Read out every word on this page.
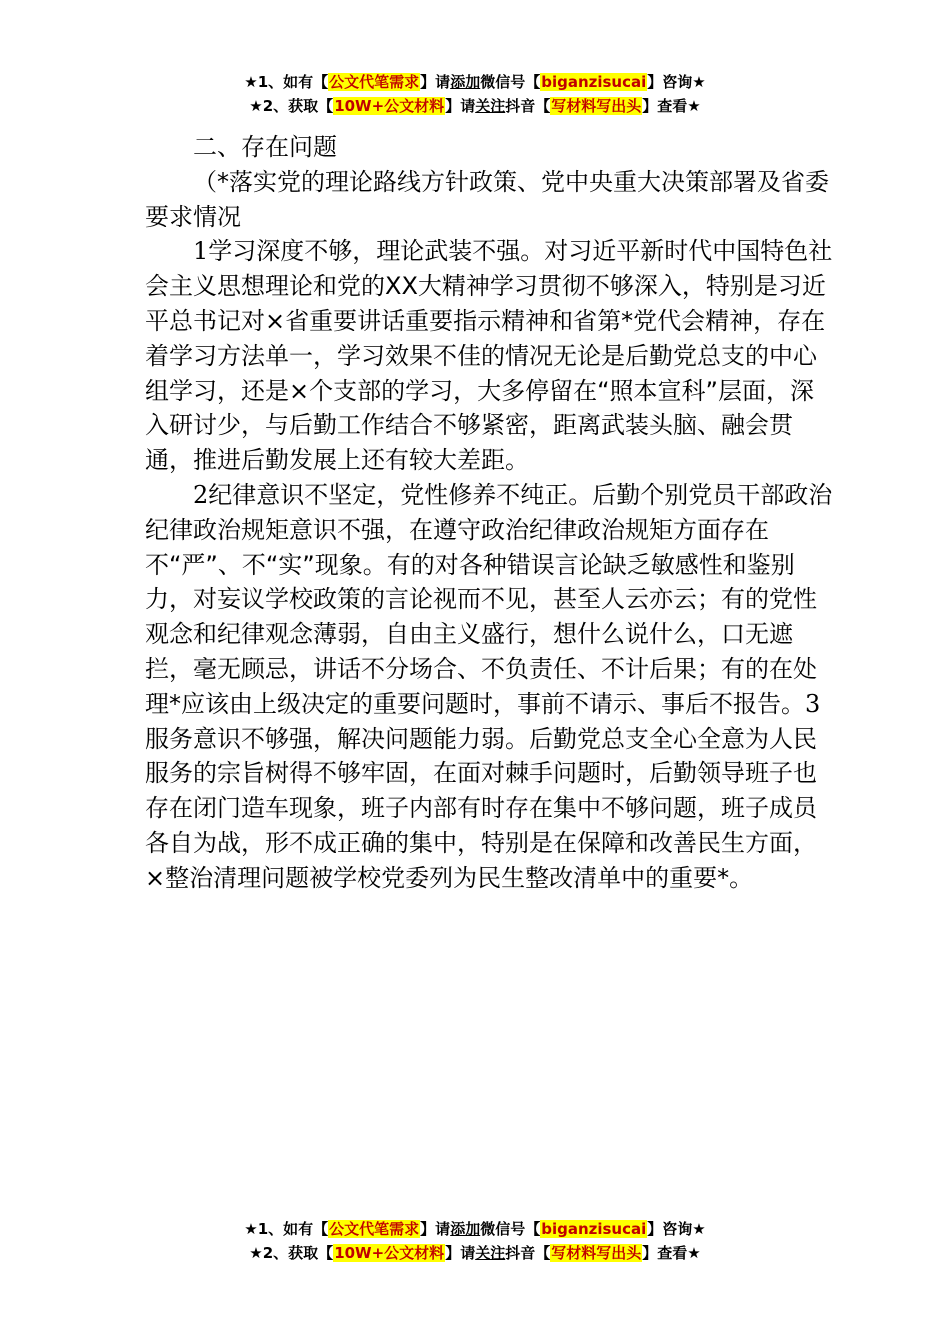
★1、如有【公文代笔需求】请添加微信号【biganzisucai】咨询★
★2、获取【10W+公文材料】请关注抖音【写材料写出头】查看★

二、存在问题

（*落实党的理论路线方针政策、党中央重大决策部署及省委要求情况

1学习深度不够，理论武装不强。对习近平新时代中国特色社会主义思想理论和党的XX大精神学习贯彻不够深入，特别是习近平总书记对×省重要讲话重要指示精神和省第*党代会精神，存在着学习方法单一，学习效果不佳的情况无论是后勤党总支的中心组学习，还是×个支部的学习，大多停留在“照本宣科”层面，深入研讨少，与后勤工作结合不够紧密，距离武装头脑、融会贯通，推进后勤发展上还有较大差距。

2纪律意识不坚定，党性修养不纯正。后勤个别党员干部政治纪律政治规矩意识不强，在遵守政治纪律政治规矩方面存在不“严”、不“实”现象。有的对各种错误言论缺乏敏感性和鉴别力，对妄议学校政策的言论视而不见，甚至人云亦云；有的党性观念和纪律观念薄弱，自由主义盛行，想什么说什么，口无遮拦，毫无顾忌，讲话不分场合、不负责任、不计后果；有的在处理*应该由上级决定的重要问题时，事前不请示、事后不报告。3服务意识不够强，解决问题能力弱。后勤党总支全心全意为人民服务的宗旨树得不够牢固，在面对棘手问题时，后勤领导班子也存在闭门造车现象，班子内部有时存在集中不够问题，班子成员各自为战，形不成正确的集中，特别是在保障和改善民生方面，×整治清理问题被学校党委列为民生整改清单中的重要*。

★1、如有【公文代笔需求】请添加微信号【biganzisucai】咨询★
★2、获取【10W+公文材料】请关注抖音【写材料写出头】查看★
